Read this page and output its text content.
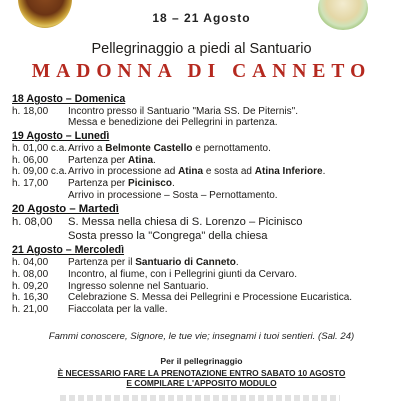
18 – 21 Agosto
Pellegrinaggio a piedi al Santuario
MADONNA DI CANNETO
18 Agosto – Domenica
h. 18,00	Incontro presso il Santuario "Maria SS. De Piternis".
Messa e benedizione dei Pellegrini in partenza.
19 Agosto – Lunedì
h. 01,00 c.a. Arrivo a Belmonte Castello e pernottamento.
h. 06,00	Partenza per Atina.
h. 09,00 c.a. Arrivo in processione ad Atina e sosta ad Atina Inferiore.
h. 17,00	Partenza per Picinisco.
Arrivo in processione – Sosta – Pernottamento.
20 Agosto – Martedì
h. 08,00	S. Messa nella chiesa di S. Lorenzo – Picinisco
Sosta presso la "Congrega" della chiesa
21 Agosto – Mercoledì
h. 04,00	Partenza per il Santuario di Canneto.
h. 08,00	Incontro, al fiume, con i Pellegrini giunti da Cervaro.
h. 09,20	Ingresso solenne nel Santuario.
h. 16,30	Celebrazione S. Messa dei Pellegrini e Processione Eucaristica.
h. 21,00	Fiaccolata per la valle.
Fammi conoscere, Signore, le tue vie; insegnami i tuoi sentieri. (Sal. 24)
Per il pellegrinaggio
È NECESSARIO FARE LA PRENOTAZIONE ENTRO SABATO 10 AGOSTO
E COMPILARE L'APPOSITO MODULO
